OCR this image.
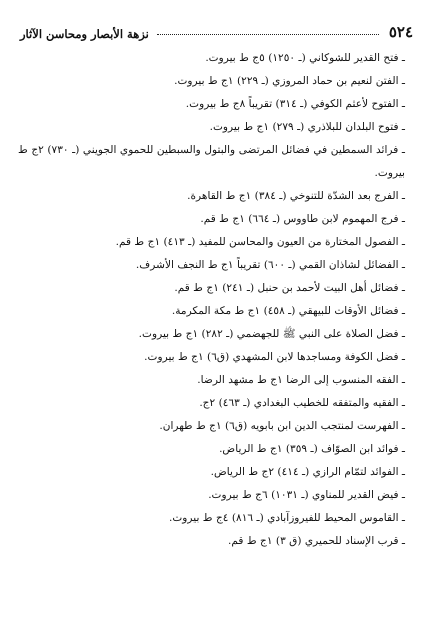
٥٢٤
نزهة الأبصار ومحاسن الآثار
ـ فتح القدير للشوكاني (ـ ١٢٥٠) ٥ج ط بيروت.
ـ الفتن لنعيم بن حماد المروزي (ـ ٢٢٩) ١ج ط بيروت.
ـ الفتوح لأعثم الكوفي (ـ ٣١٤) تقريباً ٨ج ط بيروت.
ـ فتوح البلدان للبلاذري (ـ ٢٧٩) ١ج ط بيروت.
ـ فرائد السمطين في فضائل المرتضى والبتول والسبطين للحموي الجويني (ـ ٧٣٠) ٢ج ط بيروت.
ـ الفرج بعد الشدّة للتنوخي (ـ ٣٨٤) ١ج ط القاهرة.
ـ فرج المهموم لابن طاووس (ـ ٦٦٤) ١ج ط قم.
ـ الفصول المختارة من العيون والمحاسن للمفيد (ـ ٤١٣) ١ج ط قم.
ـ الفضائل لشاذان القمي (ـ ٦٠٠) تقريباً ١ج ط النجف الأشرف.
ـ فضائل أهل البيت لأحمد بن حنبل (ـ ٢٤١) ١ج ط قم.
ـ فضائل الأوقات للبيهقي (ـ ٤٥٨) ١ج ط مكة المكرمة.
ـ فضل الصلاة على النبي ﷺ للجهضمي (ـ ٢٨٢) ١ج ط بيروت.
ـ فضل الكوفة ومساجدها لابن المشهدي (ق٦) ١ج ط بيروت.
ـ الفقه المنسوب إلى الرضا ١ج ط مشهد الرضا.
ـ الفقيه والمتفقه للخطيب البغدادي (ـ ٤٦٣) ٢ج.
ـ الفهرست لمنتجب الدين ابن بابويه (ق٦) ١ج ط طهران.
ـ فوائد ابن الصوّاف (ـ ٣٥٩) ١ج ط الرياض.
ـ الفوائد لتمّام الرازي (ـ ٤١٤) ٢ج ط الرياض.
ـ فيض القدير للمناوي (ـ ١٠٣١) ٦ج ط بيروت.
ـ القاموس المحيط للفيروزآبادي (ـ ٨١٦) ٤ج ط بيروت.
ـ قرب الإسناد للحميري (ق ٣) ١ج ط قم.
